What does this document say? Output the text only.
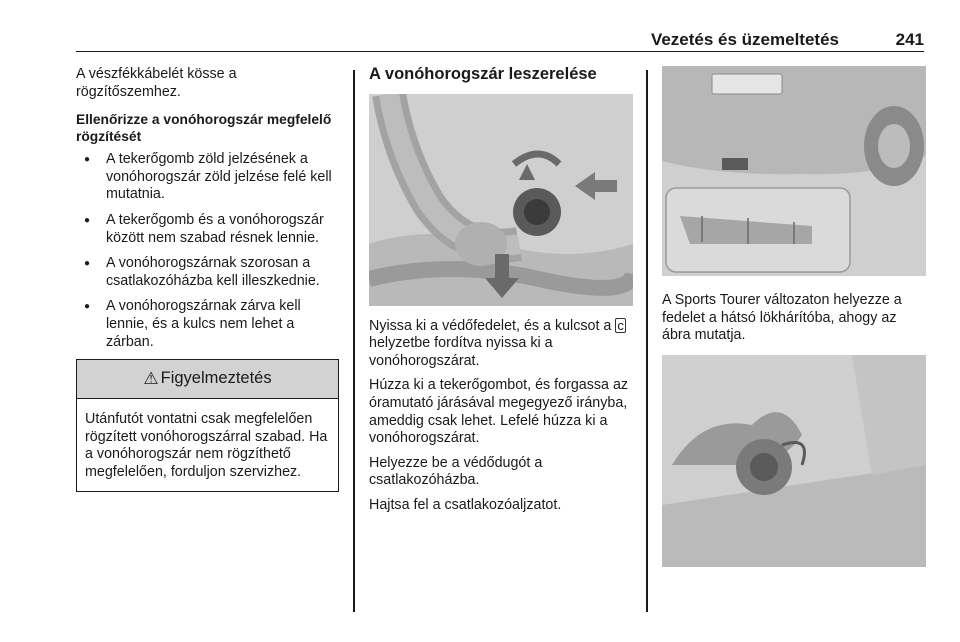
Vezetés és üzemeltetés	241

A vészfékkábelét kösse a rögzítőszemhez.

Ellenőrizze a vonóhorogszár megfelelő rögzítését
● A tekerőgomb zöld jelzésének a vonóhorogszár zöld jelzése felé kell mutatnia.
● A tekerőgomb és a vonóhorogszár között nem szabad résnek lennie.
● A vonóhorogszárnak szorosan a csatlakozóházba kell illeszkednie.
● A vonóhorogszárnak zárva kell lennie, és a kulcs nem lehet a zárban.
⚠ Figyelmeztetés
Utánfutót vontatni csak megfelelően rögzített vonóhorogszárral szabad. Ha a vonóhorogszár nem rögzíthető megfelelően, forduljon szervizhez.
A vonóhorogszár leszerelése

Nyissa ki a védőfedelet, és a kulcsot a c helyzetbe fordítva nyissa ki a vonóhorogszárat.

Húzza ki a tekerőgombot, és forgassa az óramutató járásával megegyező irányba, ameddig csak lehet. Lefelé húzza ki a vonóhorogszárat.

Helyezze be a védődugót a csatlakozóházba.

Hajtsa fel a csatlakozóaljzatot.

A Sports Tourer változaton helyezze a fedelet a hátsó lökhárítóba, ahogy az ábra mutatja.
